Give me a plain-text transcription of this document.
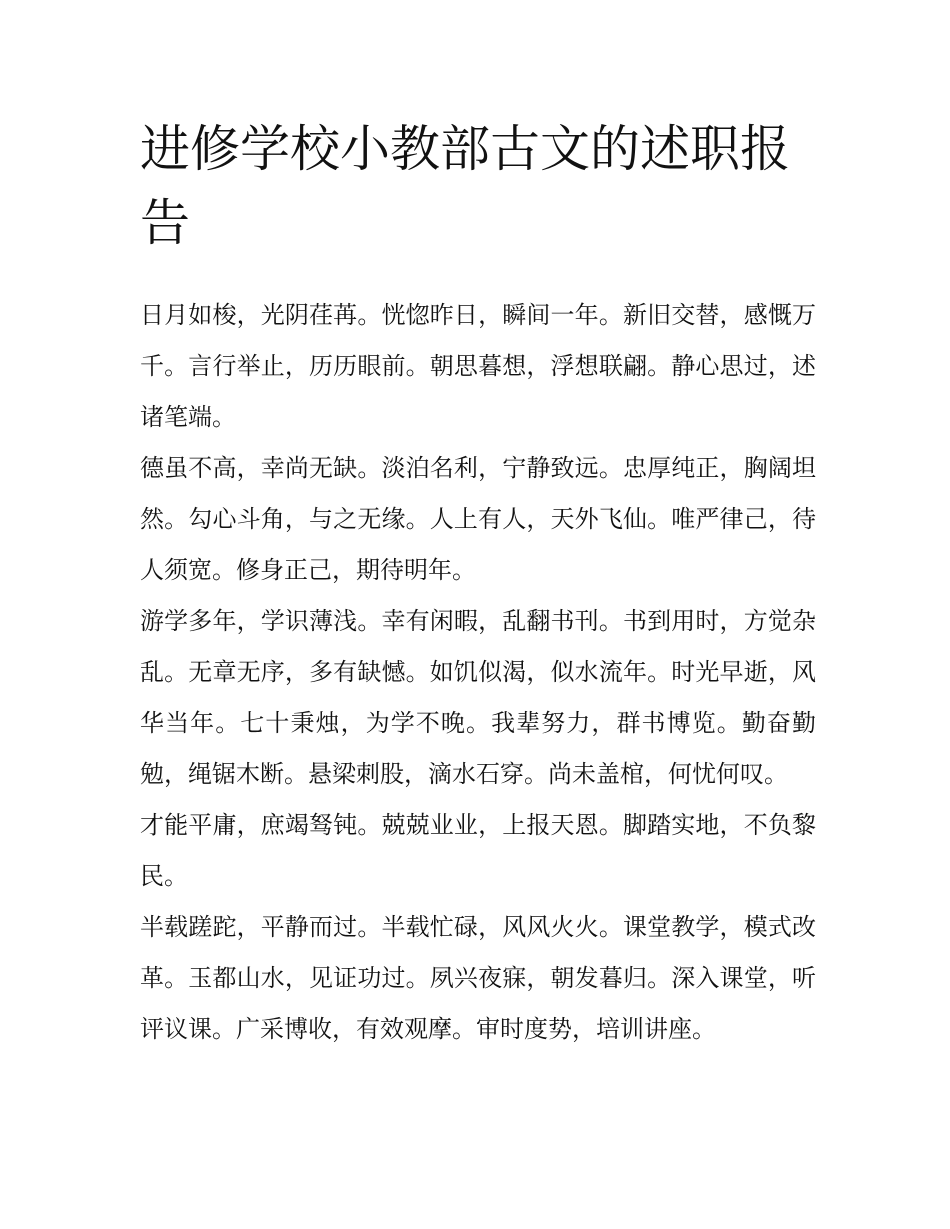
进修学校小教部古文的述职报告

日月如梭，光阴荏苒。恍惚昨日，瞬间一年。新旧交替，感慨万千。言行举止，历历眼前。朝思暮想，浮想联翩。静心思过，述诸笔端。

德虽不高，幸尚无缺。淡泊名利，宁静致远。忠厚纯正，胸阔坦然。勾心斗角，与之无缘。人上有人，天外飞仙。唯严律己，待人须宽。修身正己，期待明年。

游学多年，学识薄浅。幸有闲暇，乱翻书刊。书到用时，方觉杂乱。无章无序，多有缺憾。如饥似渴，似水流年。时光早逝，风华当年。七十秉烛，为学不晚。我辈努力，群书博览。勤奋勤勉，绳锯木断。悬梁刺股，滴水石穿。尚未盖棺，何忧何叹。

才能平庸，庶竭驽钝。兢兢业业，上报天恩。脚踏实地，不负黎民。

半载蹉跎，平静而过。半载忙碌，风风火火。课堂教学，模式改革。玉都山水，见证功过。夙兴夜寐，朝发暮归。深入课堂，听评议课。广采博收，有效观摩。审时度势，培训讲座。
